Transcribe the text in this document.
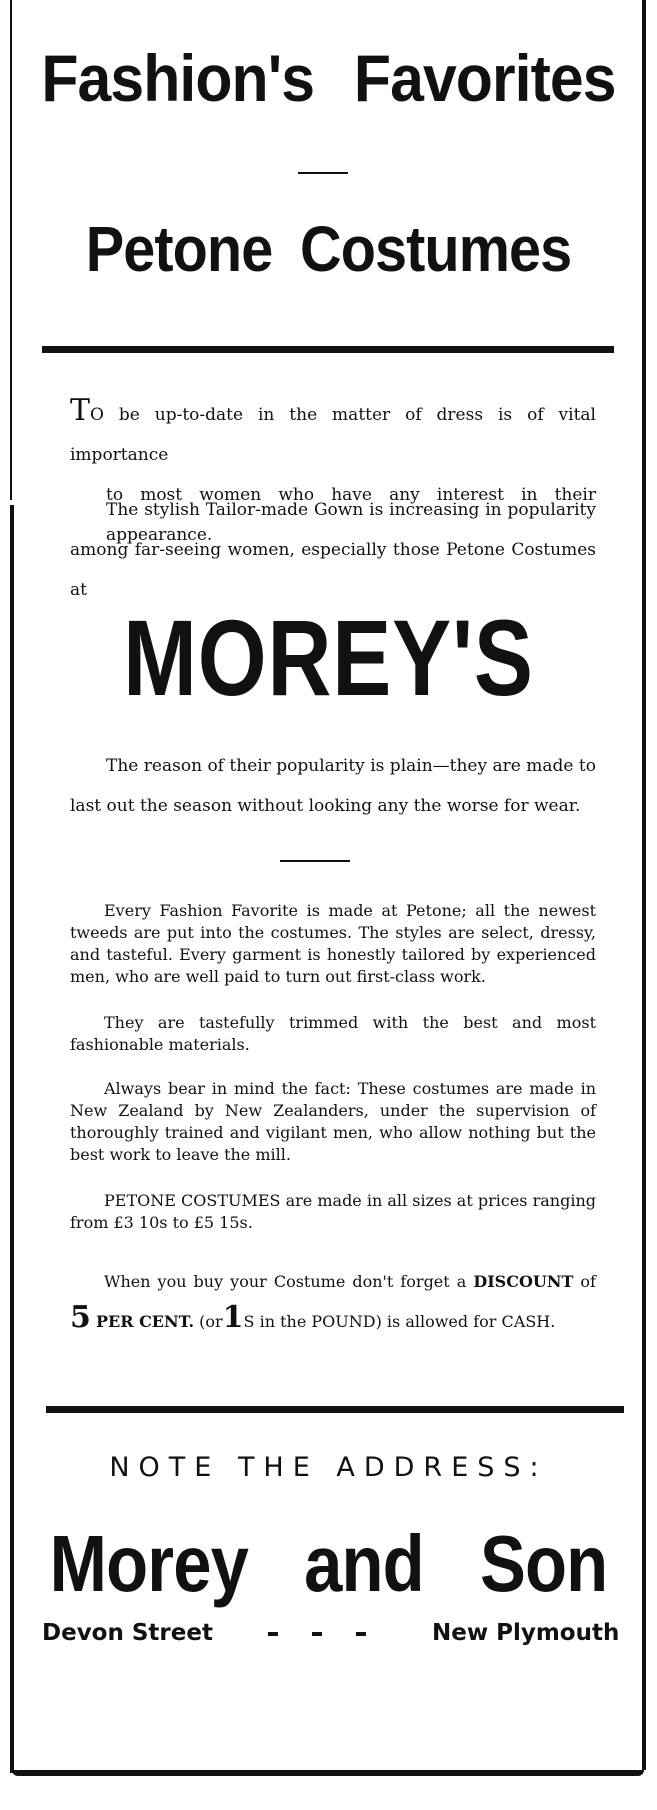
Fashion's Favorites
Petone Costumes
TO be up-to-date in the matter of dress is of vital importance
to most women who have any interest in their appearance.
The stylish Tailor-made Gown is increasing in popularity among far-seeing women, especially those Petone Costumes at
MOREY'S
The reason of their popularity is plain—they are made to last out the season without looking any the worse for wear.
Every Fashion Favorite is made at Petone; all the newest tweeds are put into the costumes. The styles are select, dressy, and tasteful. Every garment is honestly tailored by experienced men, who are well paid to turn out first-class work.
They are tastefully trimmed with the best and most fashionable materials.
Always bear in mind the fact: These costumes are made in New Zealand by New Zealanders, under the supervision of thoroughly trained and vigilant men, who allow nothing but the best work to leave the mill.
PETONE COSTUMES are made in all sizes at prices ranging from £3 10s to £5 15s.
When you buy your Costume don't forget a DISCOUNT of 5 PER CENT. (or1S in the POUND) is allowed for CASH.
NOTE THE ADDRESS:
Morey and Son
Devon Street	New Plymouth
